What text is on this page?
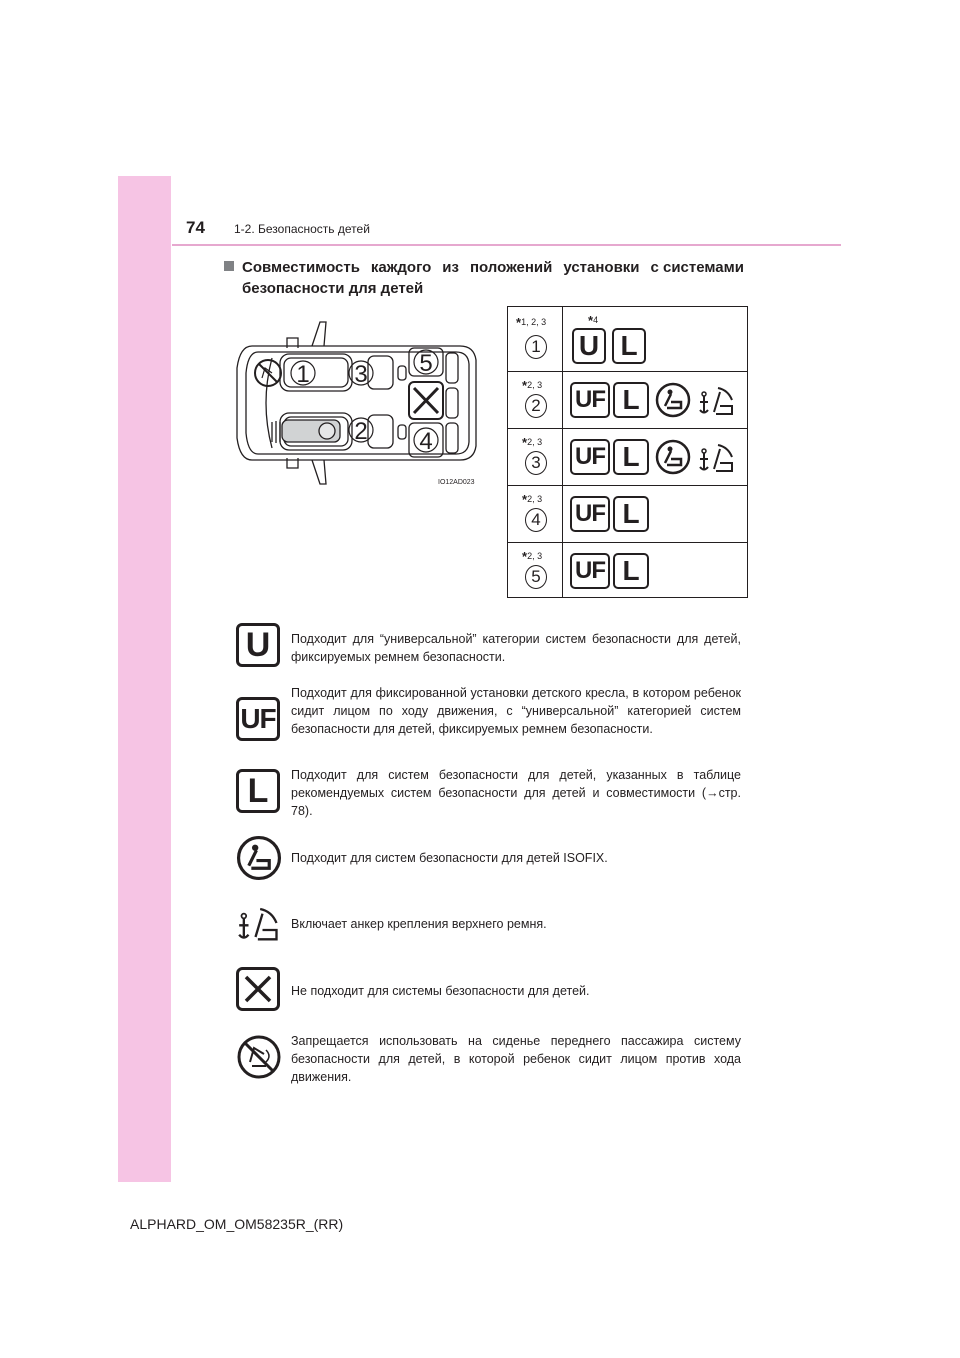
74 1-2. Безопасность детей
Совместимость каждого из положений установки с системами
безопасности для детей
1 3
2
5
4
IO12AD023
*1, 2, 3	*4
1 U L
*2, 3
2 UF L
*2, 3
3 UF L
*2, 3
4 UF L
*2, 3
5 UF L
U	Подходит для “универсальной” категории систем безопасности для детей, фиксируемых ремнем безопасности.
UF
Подходит для фиксированной установки детского кресла, в котором ребенок сидит лицом по ходу движения, с “универсальной” категорией систем безопасности для детей, фиксируемых ремнем безопасности.
L	Подходит для систем безопасности для детей, указанных в таблице рекомендуемых систем безопасности для детей и совместимости (→стр. 78).
Подходит для систем безопасности для детей ISOFIX.
Включает анкер крепления верхнего ремня.
Не подходит для системы безопасности для детей.
Запрещается использовать на сиденье переднего пассажира систему безопасности для детей, в которой ребенок сидит лицом против хода движения.
ALPHARD_OM_OM58235R_(RR)
